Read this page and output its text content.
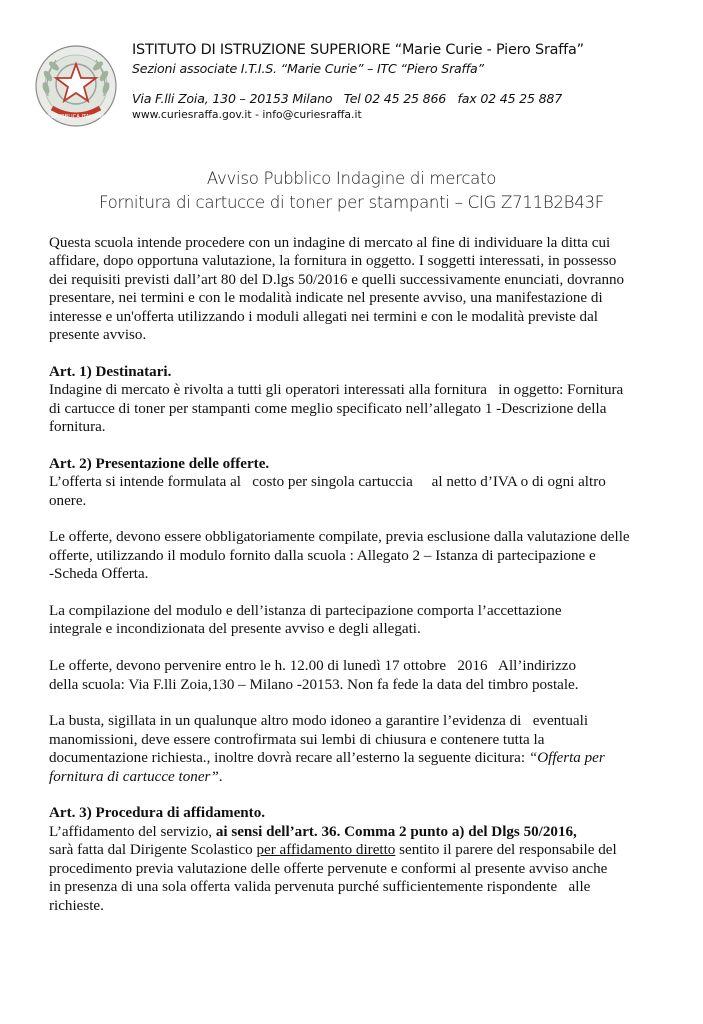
REPUBBLICA ITALIANA

ISTITUTO DI ISTRUZIONE SUPERIORE “Marie Curie - Piero Sraffa”

Sezioni associate I.T.I.S. “Marie Curie” – ITC “Piero Sraffa”

Via F.lli Zoia, 130 – 20153 Milano   Tel 02 45 25 866   fax 02 45 25 887

www.curiesraffa.gov.it - info@curiesraffa.it

Avviso Pubblico Indagine di mercato

Fornitura di cartucce di toner per stampanti – CIG Z711B2B43F

Questa scuola intende procedere con un indagine di mercato al fine di individuare la ditta cui

affidare, dopo opportuna valutazione, la fornitura in oggetto. I soggetti interessati, in possesso

dei requisiti previsti dall’art 80 del D.lgs 50/2016 e quelli successivamente enunciati, dovranno

presentare, nei termini e con le modalità indicate nel presente avviso, una manifestazione di

interesse e un'offerta utilizzando i moduli allegati nei termini e con le modalità previste dal

presente avviso.

Art. 1) Destinatari.

Indagine di mercato è rivolta a tutti gli operatori interessati alla fornitura   in oggetto: Fornitura

di cartucce di toner per stampanti come meglio specificato nell’allegato 1 -Descrizione della

fornitura.

Art. 2) Presentazione delle offerte.

L’offerta si intende formulata al   costo per singola cartuccia     al netto d’IVA o di ogni altro

onere.

Le offerte, devono essere obbligatoriamente compilate, previa esclusione dalla valutazione delle

offerte, utilizzando il modulo fornito dalla scuola : Allegato 2 – Istanza di partecipazione e

-Scheda Offerta.

La compilazione del modulo e dell’istanza di partecipazione comporta l’accettazione

integrale e incondizionata del presente avviso e degli allegati.

Le offerte, devono pervenire entro le h. 12.00 di lunedì 17 ottobre   2016   All’indirizzo

della scuola: Via F.lli Zoia,130 – Milano -20153. Non fa fede la data del timbro postale.

La busta, sigillata in un qualunque altro modo idoneo a garantire l’evidenza di   eventuali

manomissioni, deve essere controfirmata sui lembi di chiusura e contenere tutta la

documentazione richiesta., inoltre dovrà recare all’esterno la seguente dicitura: “Offerta per

fornitura di cartucce toner”.

Art. 3) Procedura di affidamento.

L’affidamento del servizio, ai sensi dell’art. 36. Comma 2 punto a) del Dlgs 50/2016,

sarà fatta dal Dirigente Scolastico per affidamento diretto sentito il parere del responsabile del

procedimento previa valutazione delle offerte pervenute e conformi al presente avviso anche

in presenza di una sola offerta valida pervenuta purché sufficientemente rispondente   alle

richieste.
